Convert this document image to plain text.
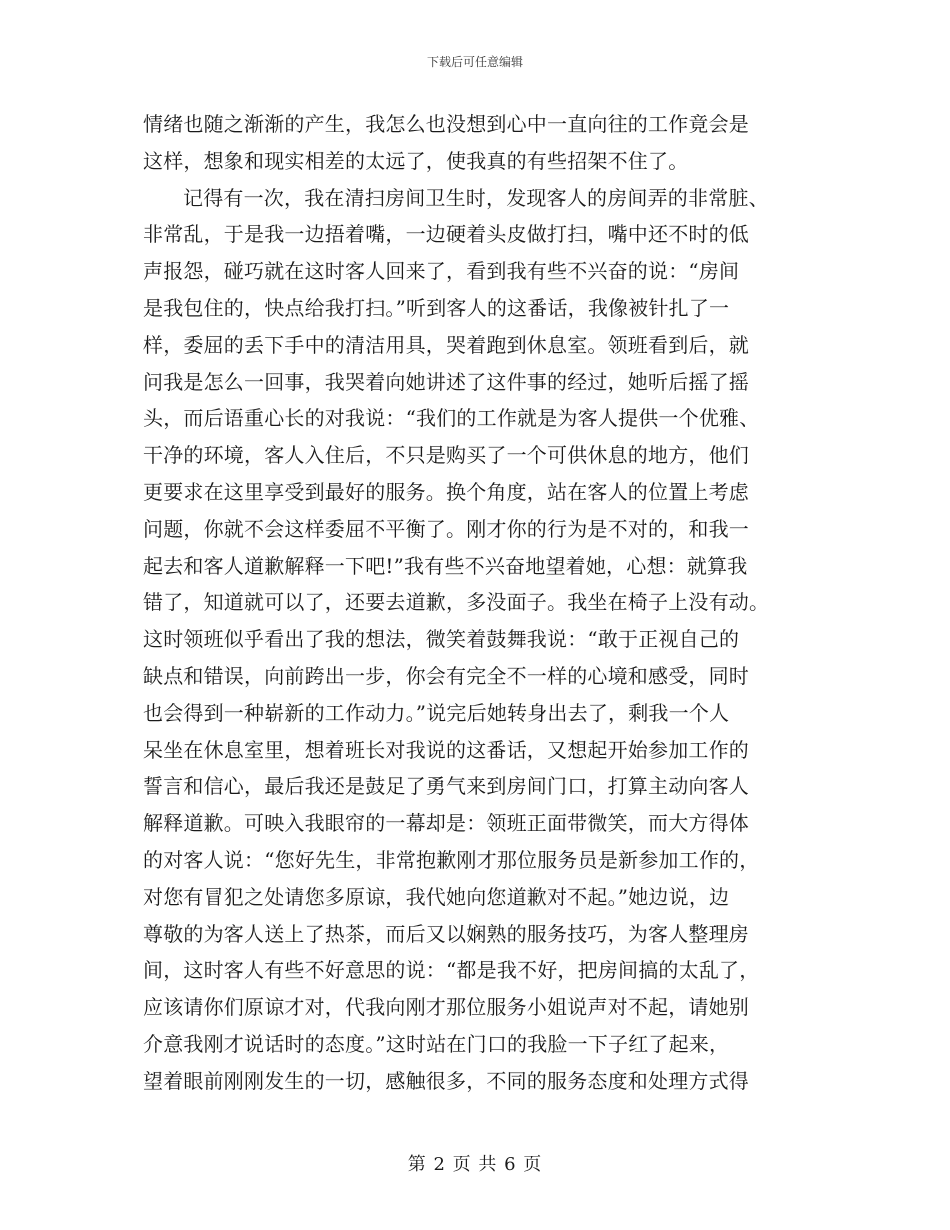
下载后可任意编辑
情绪也随之渐渐的产生，我怎么也没想到心中一直向往的工作竟会是
这样，想象和现实相差的太远了，使我真的有些招架不住了。
记得有一次，我在清扫房间卫生时，发现客人的房间弄的非常脏、
非常乱，于是我一边捂着嘴，一边硬着头皮做打扫，嘴中还不时的低
声报怨，碰巧就在这时客人回来了，看到我有些不兴奋的说：“房间
是我包住的，快点给我打扫。”听到客人的这番话，我像被针扎了一
样，委屈的丢下手中的清洁用具，哭着跑到休息室。领班看到后，就
问我是怎么一回事，我哭着向她讲述了这件事的经过，她听后摇了摇
头，而后语重心长的对我说：“我们的工作就是为客人提供一个优雅、
干净的环境，客人入住后，不只是购买了一个可供休息的地方，他们
更要求在这里享受到最好的服务。换个角度，站在客人的位置上考虑
问题，你就不会这样委屈不平衡了。刚才你的行为是不对的，和我一
起去和客人道歉解释一下吧!”我有些不兴奋地望着她，心想：就算我
错了，知道就可以了，还要去道歉，多没面子。我坐在椅子上没有动。
这时领班似乎看出了我的想法，微笑着鼓舞我说：“敢于正视自己的
缺点和错误，向前跨出一步，你会有完全不一样的心境和感受，同时
也会得到一种崭新的工作动力。”说完后她转身出去了，剩我一个人
呆坐在休息室里，想着班长对我说的这番话，又想起开始参加工作的
誓言和信心，最后我还是鼓足了勇气来到房间门口，打算主动向客人
解释道歉。可映入我眼帘的一幕却是：领班正面带微笑，而大方得体
的对客人说：“您好先生，非常抱歉刚才那位服务员是新参加工作的，
对您有冒犯之处请您多原谅，我代她向您道歉对不起。”她边说，边
尊敬的为客人送上了热茶，而后又以娴熟的服务技巧，为客人整理房
间，这时客人有些不好意思的说：“都是我不好，把房间搞的太乱了，
应该请你们原谅才对，代我向刚才那位服务小姐说声对不起，请她别
介意我刚才说话时的态度。”这时站在门口的我脸一下子红了起来，
望着眼前刚刚发生的一切，感触很多，不同的服务态度和处理方式得
第 2 页 共 6 页
